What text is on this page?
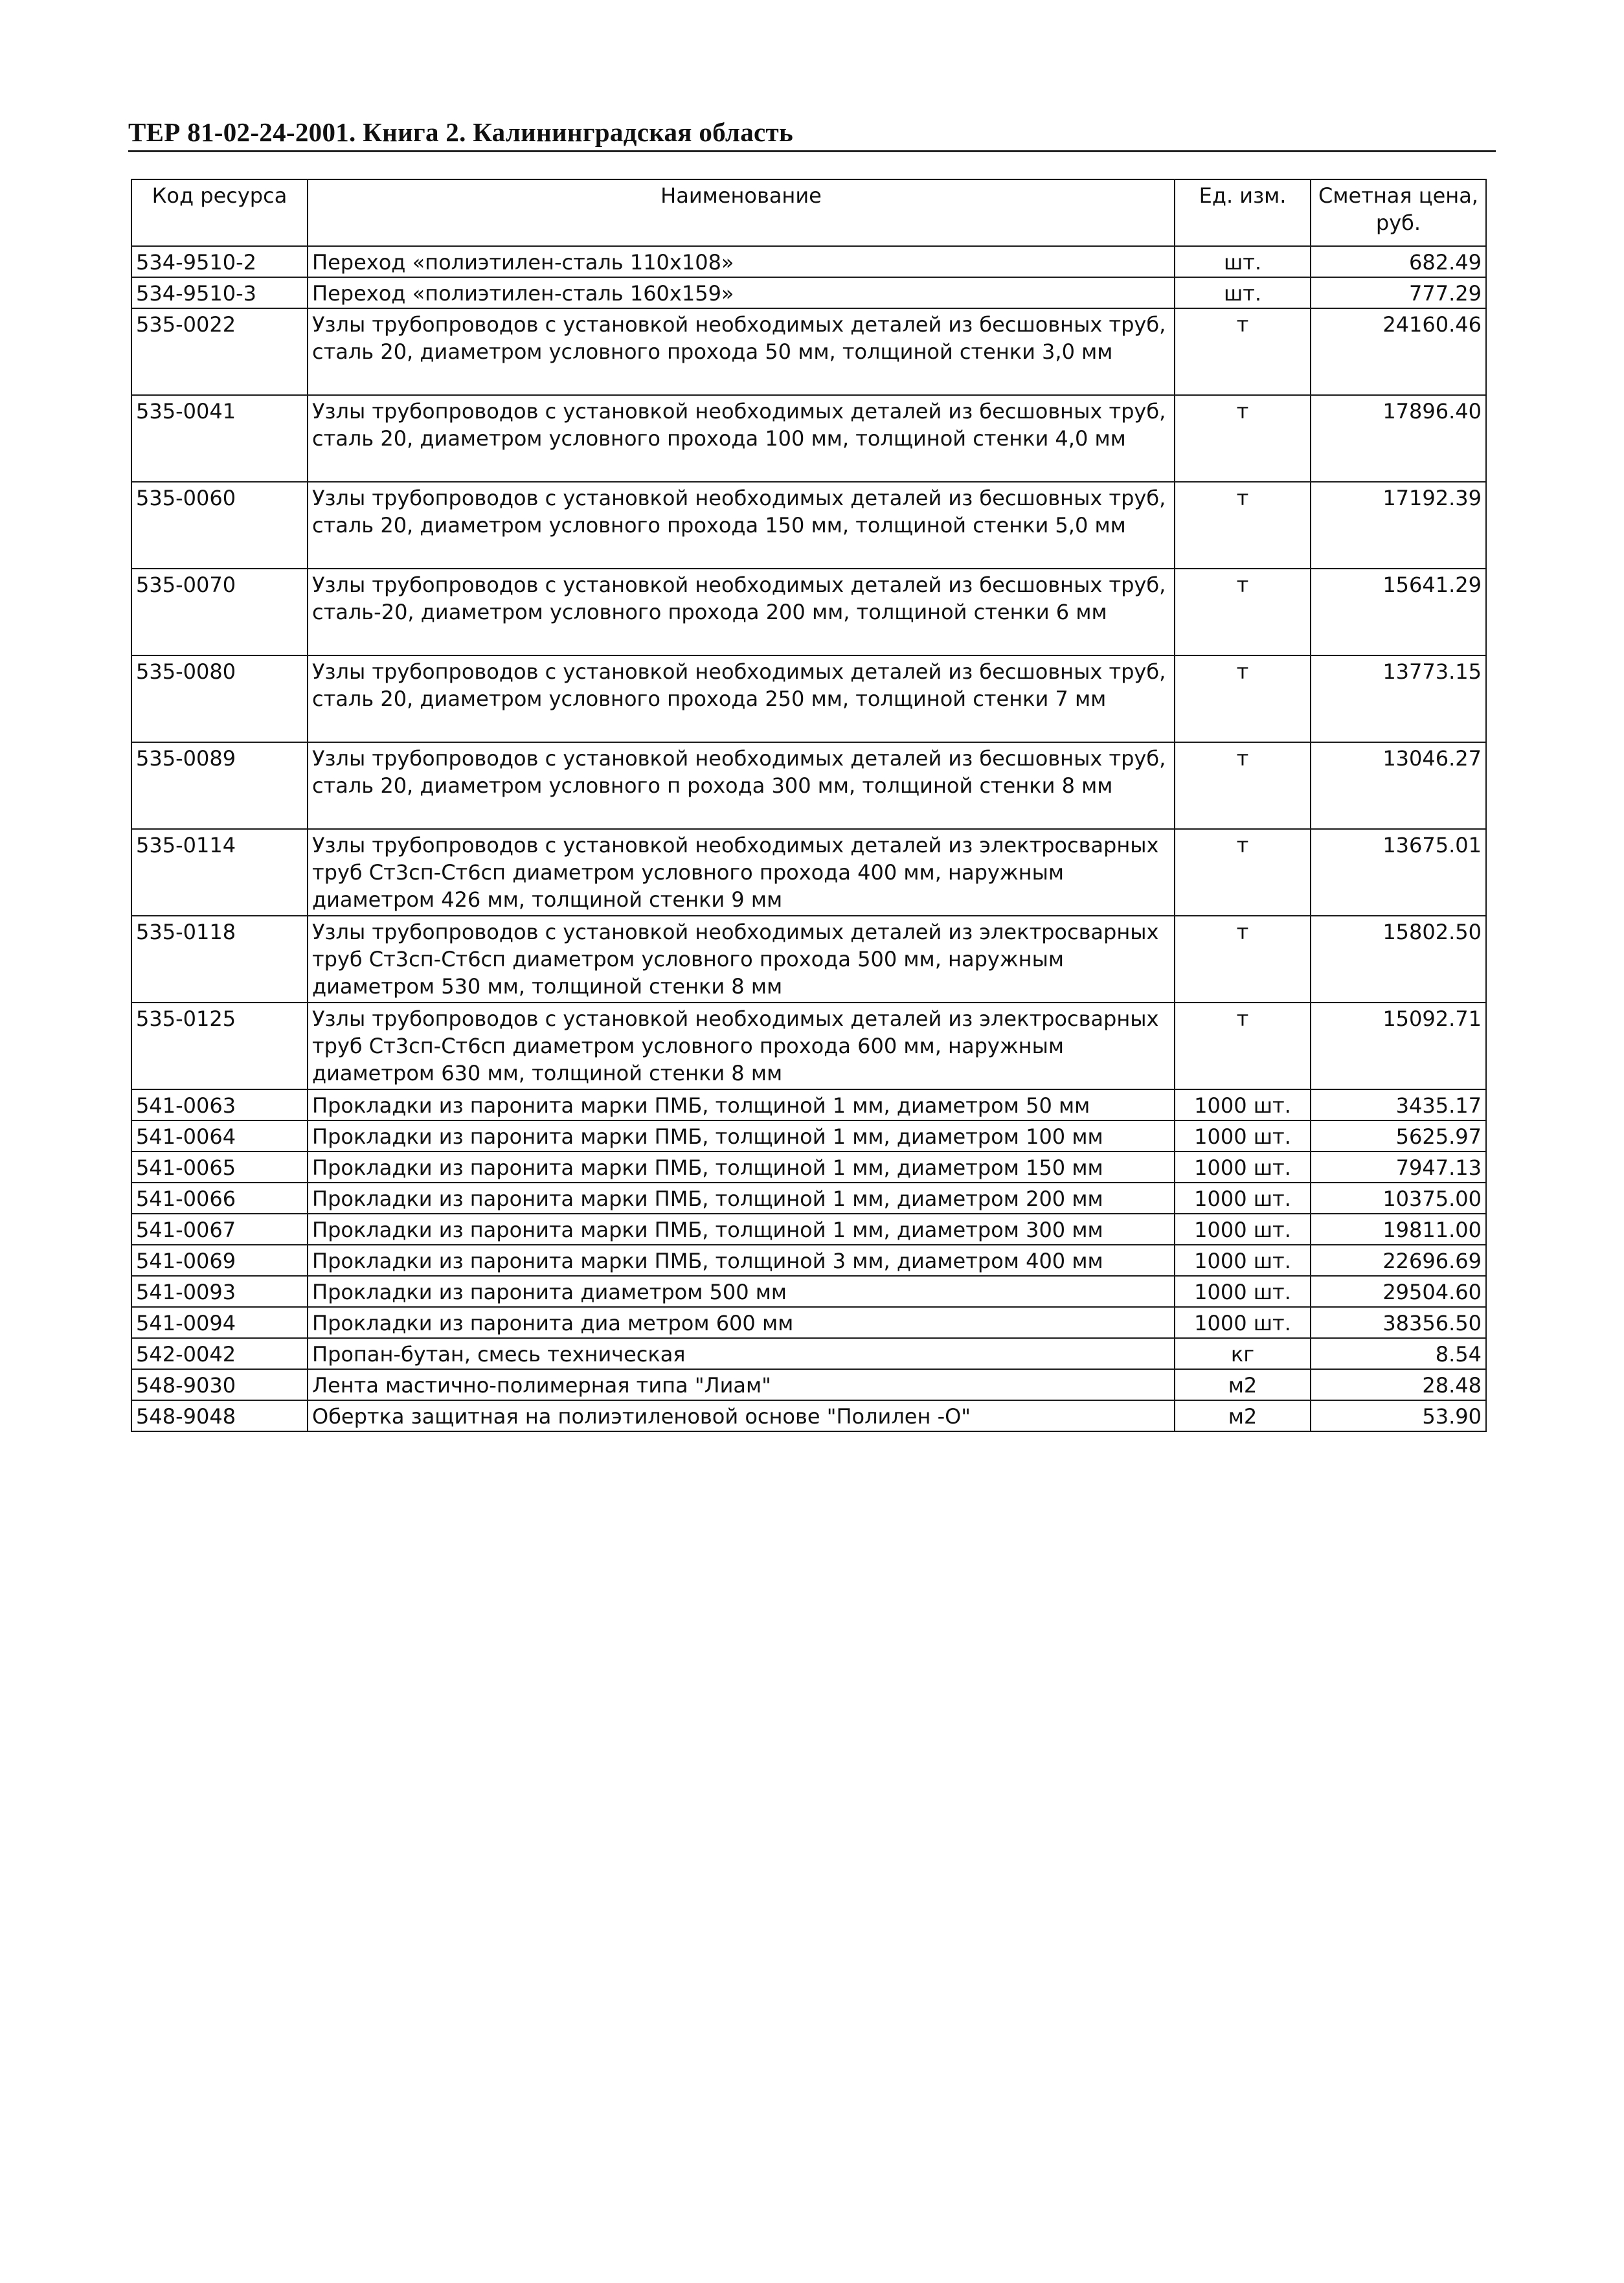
ТЕР 81-02-24-2001. Книга 2. Калининградская область
Код ресурса	Наименование	Ед. изм.	Сметная цена, руб.
534-9510-2	Переход «полиэтилен-сталь 110x108»	шт.	682.49
534-9510-3	Переход «полиэтилен-сталь 160x159»	шт.	777.29
535-0022	Узлы трубопроводов с установкой необходимых деталей из бесшовных труб, сталь 20, диаметром условного прохода 50 мм, толщиной стенки 3,0 мм	т	24160.46
535-0041	Узлы трубопроводов с установкой необходимых деталей из бесшовных труб, сталь 20, диаметром условного прохода 100 мм, толщиной стенки 4,0 мм	т	17896.40
535-0060	Узлы трубопроводов с установкой необходимых деталей из бесшовных труб, сталь 20, диаметром условного прохода 150 мм, толщиной стенки 5,0 мм	т	17192.39
535-0070	Узлы трубопроводов с установкой необходимых деталей из бесшовных труб, сталь-20, диаметром условного прохода 200 мм, толщиной стенки 6 мм	т	15641.29
535-0080	Узлы трубопроводов с установкой необходимых деталей из бесшовных труб, сталь 20, диаметром условного прохода 250 мм, толщиной стенки 7 мм	т	13773.15
535-0089	Узлы трубопроводов с установкой необходимых деталей из бесшовных труб, сталь 20, диаметром условного п рохода 300 мм, толщиной стенки 8 мм	т	13046.27
535-0114	Узлы трубопроводов с установкой необходимых деталей из электросварных труб Ст3сп-Ст6сп диаметром условного прохода 400 мм, наружным диаметром 426 мм, толщиной стенки 9 мм	т	13675.01
535-0118	Узлы трубопроводов с установкой необходимых деталей из электросварных труб Ст3сп-Ст6сп диаметром условного прохода 500 мм, наружным диаметром 530 мм, толщиной стенки 8 мм	т	15802.50
535-0125	Узлы трубопроводов с установкой необходимых деталей из электросварных труб Ст3сп-Ст6сп диаметром условного прохода 600 мм, наружным диаметром 630 мм, толщиной стенки 8 мм	т	15092.71
541-0063	Прокладки из паронита марки ПМБ, толщиной 1 мм, диаметром 50 мм	1000 шт.	3435.17
541-0064	Прокладки из паронита марки ПМБ, толщиной 1 мм, диаметром 100 мм	1000 шт.	5625.97
541-0065	Прокладки из паронита марки ПМБ, толщиной 1 мм, диаметром 150 мм	1000 шт.	7947.13
541-0066	Прокладки из паронита марки ПМБ, толщиной 1 мм, диаметром 200 мм	1000 шт.	10375.00
541-0067	Прокладки из паронита марки ПМБ, толщиной 1 мм, диаметром 300 мм	1000 шт.	19811.00
541-0069	Прокладки из паронита марки ПМБ, толщиной 3 мм, диаметром 400 мм	1000 шт.	22696.69
541-0093	Прокладки из паронита диаметром 500 мм	1000 шт.	29504.60
541-0094	Прокладки из паронита диа метром 600 мм	1000 шт.	38356.50
542-0042	Пропан-бутан, смесь техническая	кг	8.54
548-9030	Лента мастично-полимерная типа "Лиам"	м2	28.48
548-9048	Обертка защитная на полиэтиленовой основе "Полилен -О"	м2	53.90
